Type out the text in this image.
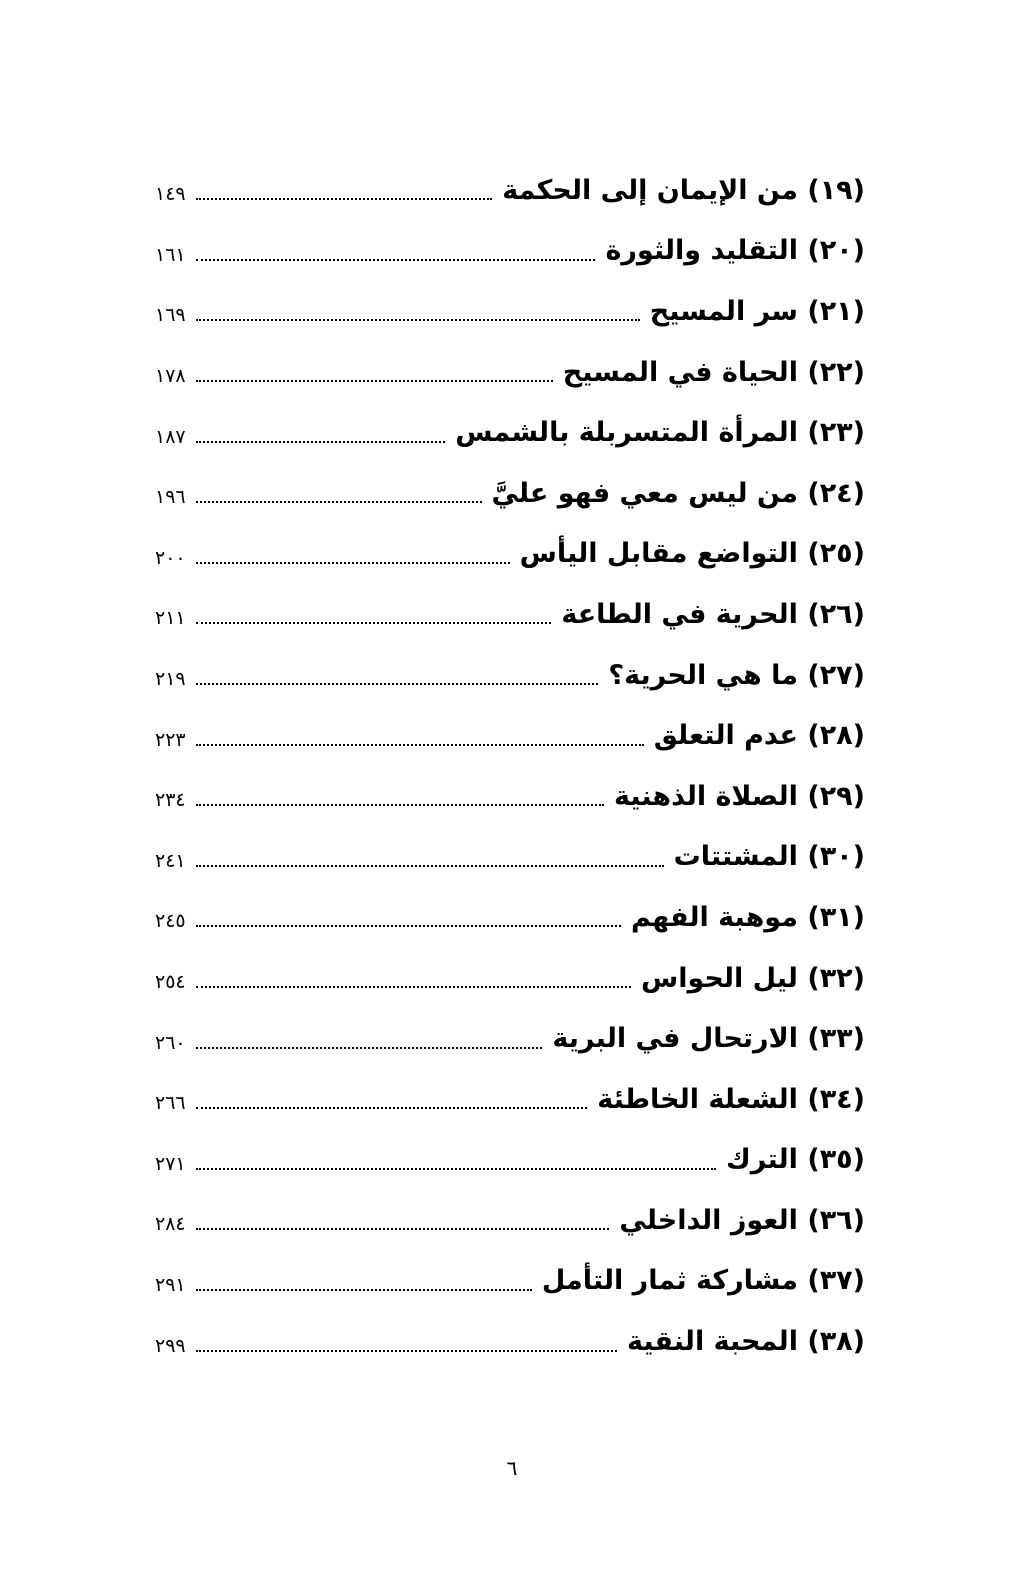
(١٩) من الإيمان إلى الحكمة
١٤٩
(٢٠) التقليد والثورة
١٦١
(٢١) سر المسيح
١٦٩
(٢٢) الحياة في المسيح
١٧٨
(٢٣) المرأة المتسربلة بالشمس
١٨٧
(٢٤) من ليس معي فهو عليَّ
١٩٦
(٢٥) التواضع مقابل اليأس
٢٠٠
(٢٦) الحرية في الطاعة
٢١١
(٢٧) ما هي الحرية؟
٢١٩
(٢٨) عدم التعلق
٢٢٣
(٢٩) الصلاة الذهنية
٢٣٤
(٣٠) المشتتات
٢٤١
(٣١) موهبة الفهم
٢٤٥
(٣٢) ليل الحواس
٢٥٤
(٣٣) الارتحال في البرية
٢٦٠
(٣٤) الشعلة الخاطئة
٢٦٦
(٣٥) الترك
٢٧١
(٣٦) العوز الداخلي
٢٨٤
(٣٧) مشاركة ثمار التأمل
٢٩١
(٣٨) المحبة النقية
٢٩٩
٦
